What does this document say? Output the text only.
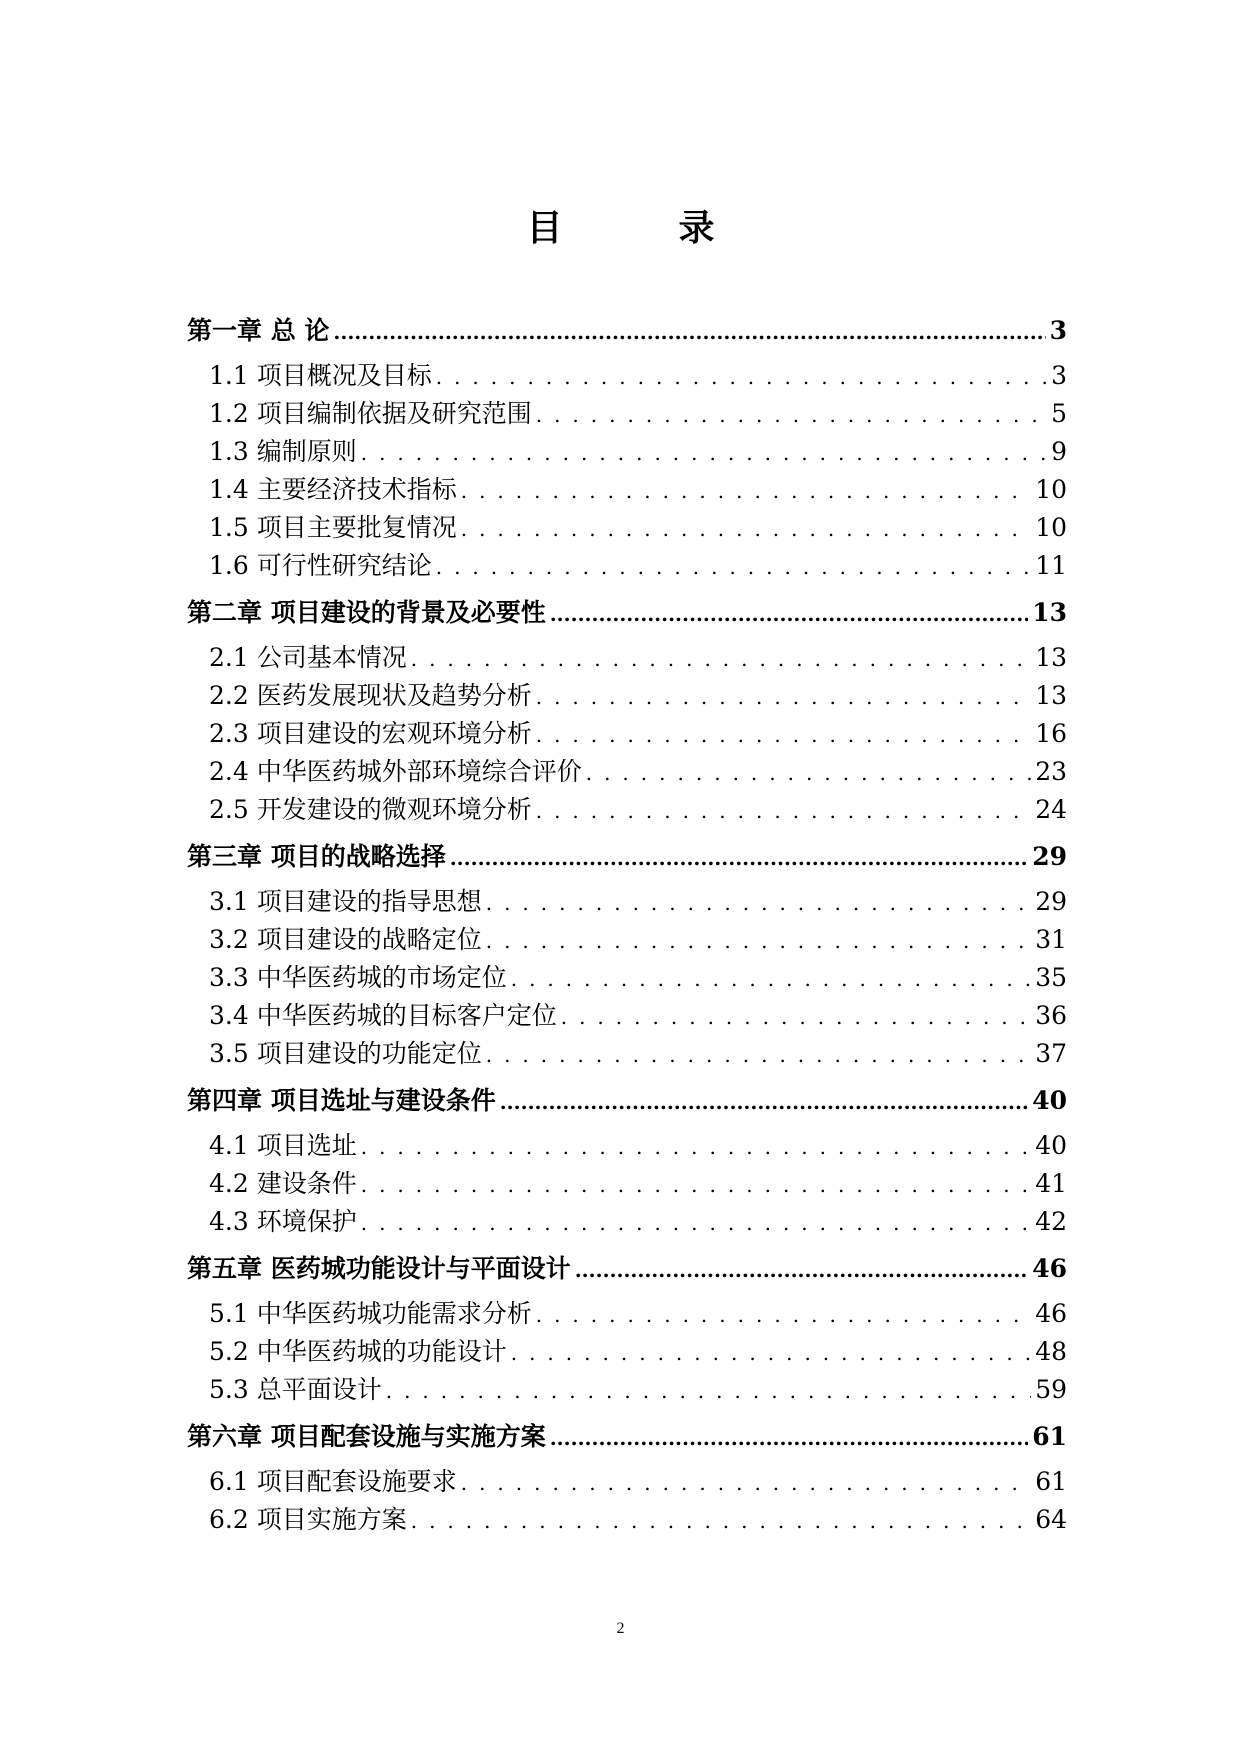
目　录
第一章 总 论 .....	3
1.1 项目概况及目标 .....	3
1.2 项目编制依据及研究范围 .....	5
1.3 编制原则 .....	9
1.4 主要经济技术指标 .....	10
1.5 项目主要批复情况 .....	10
1.6 可行性研究结论 .....	11
第二章 项目建设的背景及必要性 .....	13
2.1 公司基本情况 .....	13
2.2 医药发展现状及趋势分析 .....	13
2.3 项目建设的宏观环境分析 .....	16
2.4 中华医药城外部环境综合评价 .....	23
2.5 开发建设的微观环境分析 .....	24
第三章 项目的战略选择 .....	29
3.1 项目建设的指导思想 .....	29
3.2 项目建设的战略定位 .....	31
3.3 中华医药城的市场定位 .....	35
3.4 中华医药城的目标客户定位 .....	36
3.5 项目建设的功能定位 .....	37
第四章 项目选址与建设条件 .....	40
4.1 项目选址 .....	40
4.2 建设条件 .....	41
4.3 环境保护 .....	42
第五章 医药城功能设计与平面设计 .....	46
5.1 中华医药城功能需求分析 .....	46
5.2 中华医药城的功能设计 .....	48
5.3 总平面设计 .....	59
第六章 项目配套设施与实施方案 .....	61
6.1 项目配套设施要求 .....	61
6.2 项目实施方案 .....	64
2
